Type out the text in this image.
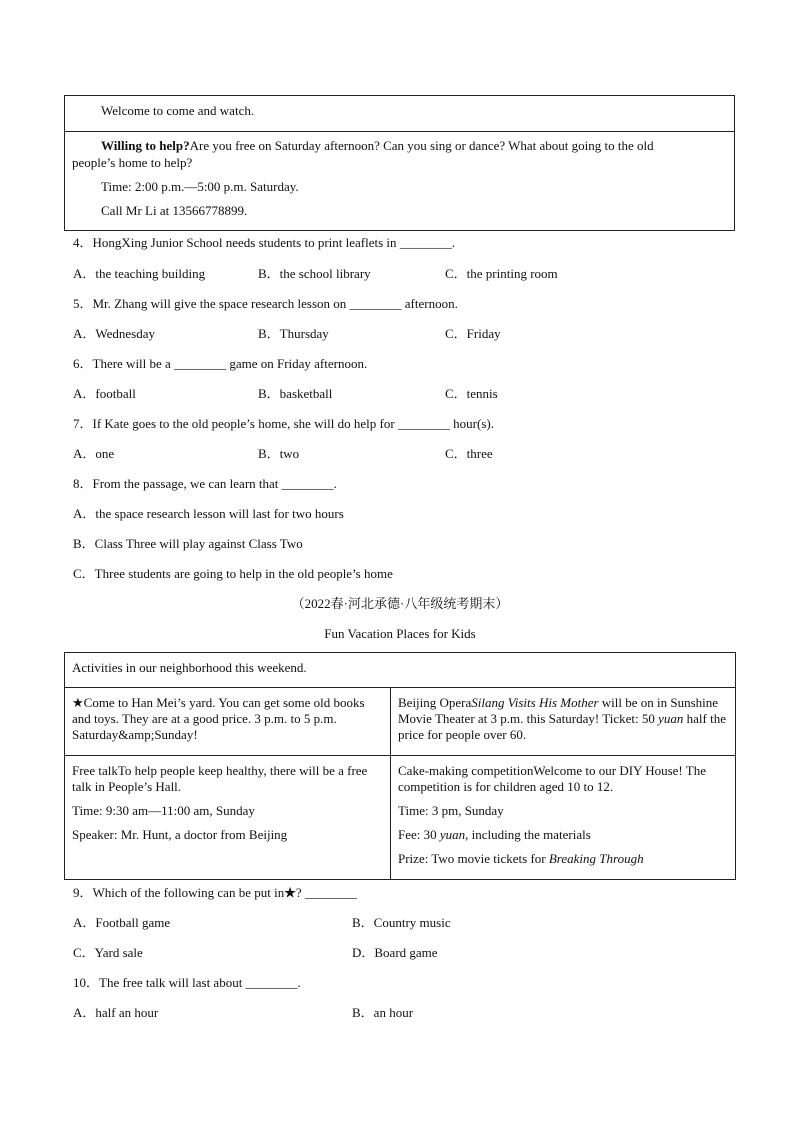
Welcome to come and watch.
Willing to help?Are you free on Saturday afternoon? Can you sing or dance? What about going to the old
people’s home to help?
Time: 2:00 p.m.—5:00 p.m. Saturday.
Call Mr Li at 13566778899.
4．HongXing Junior School needs students to print leaflets in ________.
A．the teaching building	B．the school library	C．the printing room
5．Mr. Zhang will give the space research lesson on ________ afternoon.
A．Wednesday	B．Thursday	C．Friday
6．There will be a ________ game on Friday afternoon.
A．football	B．basketball	C．tennis
7．If Kate goes to the old people’s home, she will do help for ________ hour(s).
A．one	B．two	C．three
8．From the passage, we can learn that ________.
A．the space research lesson will last for two hours
B．Class Three will play against Class Two
C．Three students are going to help in the old people’s home
（2022春·河北承德·八年级统考期末）
Fun Vacation Places for Kids
Activities in our neighborhood this weekend.
★Come to Han Mei’s yard. You can get some old books and toys. They are at a good price. 3 p.m. to 5 p.m. Saturday&amp;Sunday!
Beijing OperaSilang Visits His Mother will be on in Sunshine Movie Theater at 3 p.m. this Saturday! Ticket: 50 yuan half the price for people over 60.
Free talkTo help people keep healthy, there will be a free talk in People’s Hall.
Time: 9:30 am—11:00 am, Sunday
Speaker: Mr. Hunt, a doctor from Beijing
Cake-making competitionWelcome to our DIY House! The competition is for children aged 10 to 12.
Time: 3 pm, Sunday
Fee: 30 yuan, including the materials
Prize: Two movie tickets for Breaking Through
9．Which of the following can be put in★? ________
A．Football game	B．Country music
C．Yard sale	D．Board game
10．The free talk will last about ________.
A．half an hour	B．an hour
